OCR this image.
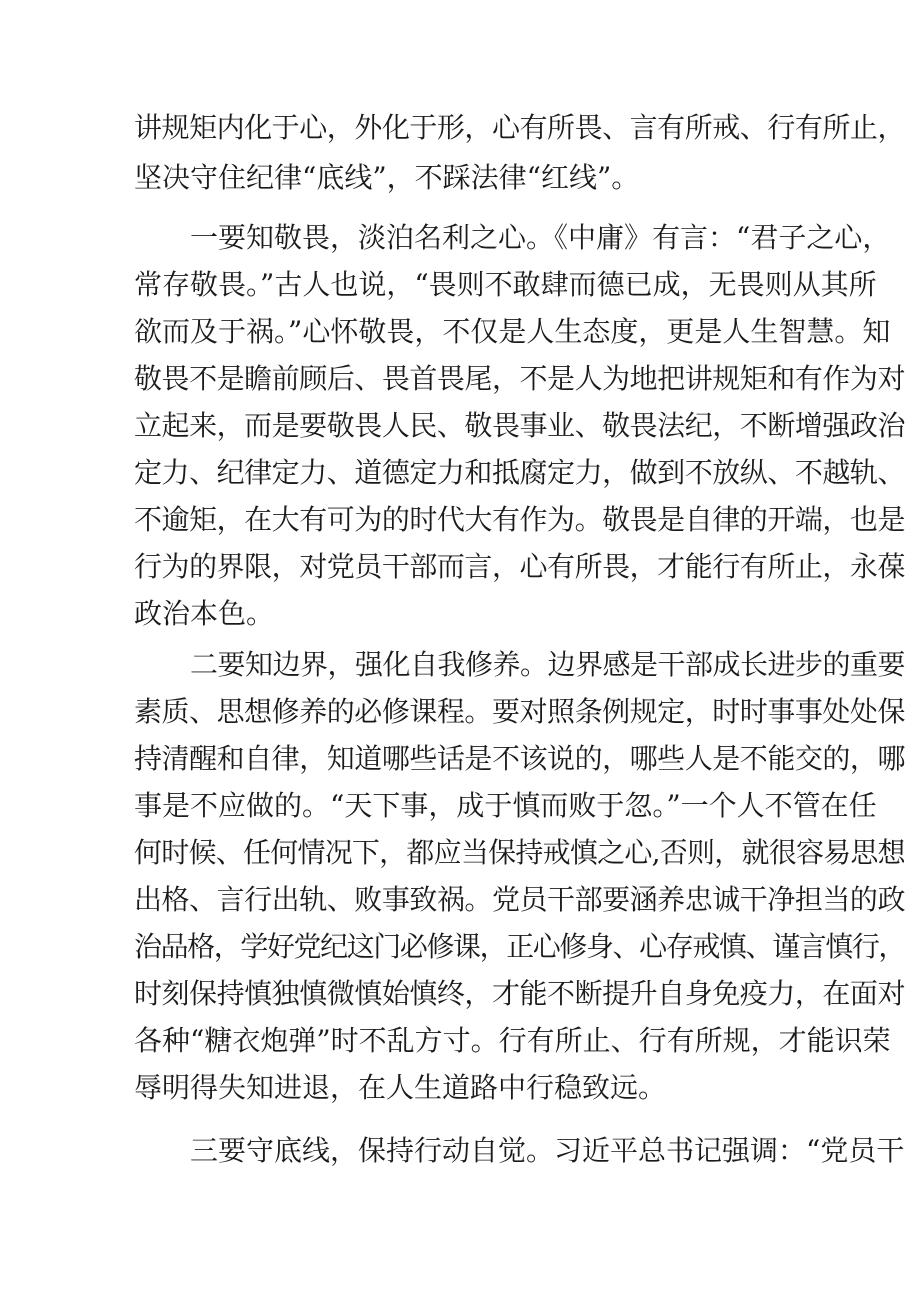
讲规矩内化于心，外化于形，心有所畏、言有所戒、行有所止，
坚决守住纪律“底线”，不踩法律“红线”。
一要知敬畏，淡泊名利之心。《中庸》有言：“君子之心，
常存敬畏。”古人也说，“畏则不敢肆而德已成，无畏则从其所
欲而及于祸。”心怀敬畏，不仅是人生态度，更是人生智慧。知
敬畏不是瞻前顾后、畏首畏尾，不是人为地把讲规矩和有作为对
立起来，而是要敬畏人民、敬畏事业、敬畏法纪，不断增强政治
定力、纪律定力、道德定力和抵腐定力，做到不放纵、不越轨、
不逾矩，在大有可为的时代大有作为。敬畏是自律的开端，也是
行为的界限，对党员干部而言，心有所畏，才能行有所止，永葆
政治本色。
二要知边界，强化自我修养。边界感是干部成长进步的重要
素质、思想修养的必修课程。要对照条例规定，时时事事处处保
持清醒和自律，知道哪些话是不该说的，哪些人是不能交的，哪
事是不应做的。“天下事，成于慎而败于忽。”一个人不管在任
何时候、任何情况下，都应当保持戒慎之心,否则，就很容易思想
出格、言行出轨、败事致祸。党员干部要涵养忠诚干净担当的政
治品格，学好党纪这门必修课，正心修身、心存戒慎、谨言慎行，
时刻保持慎独慎微慎始慎终，才能不断提升自身免疫力，在面对
各种“糖衣炮弹”时不乱方寸。行有所止、行有所规，才能识荣
辱明得失知进退，在人生道路中行稳致远。
三要守底线，保持行动自觉。习近平总书记强调：“党员干
